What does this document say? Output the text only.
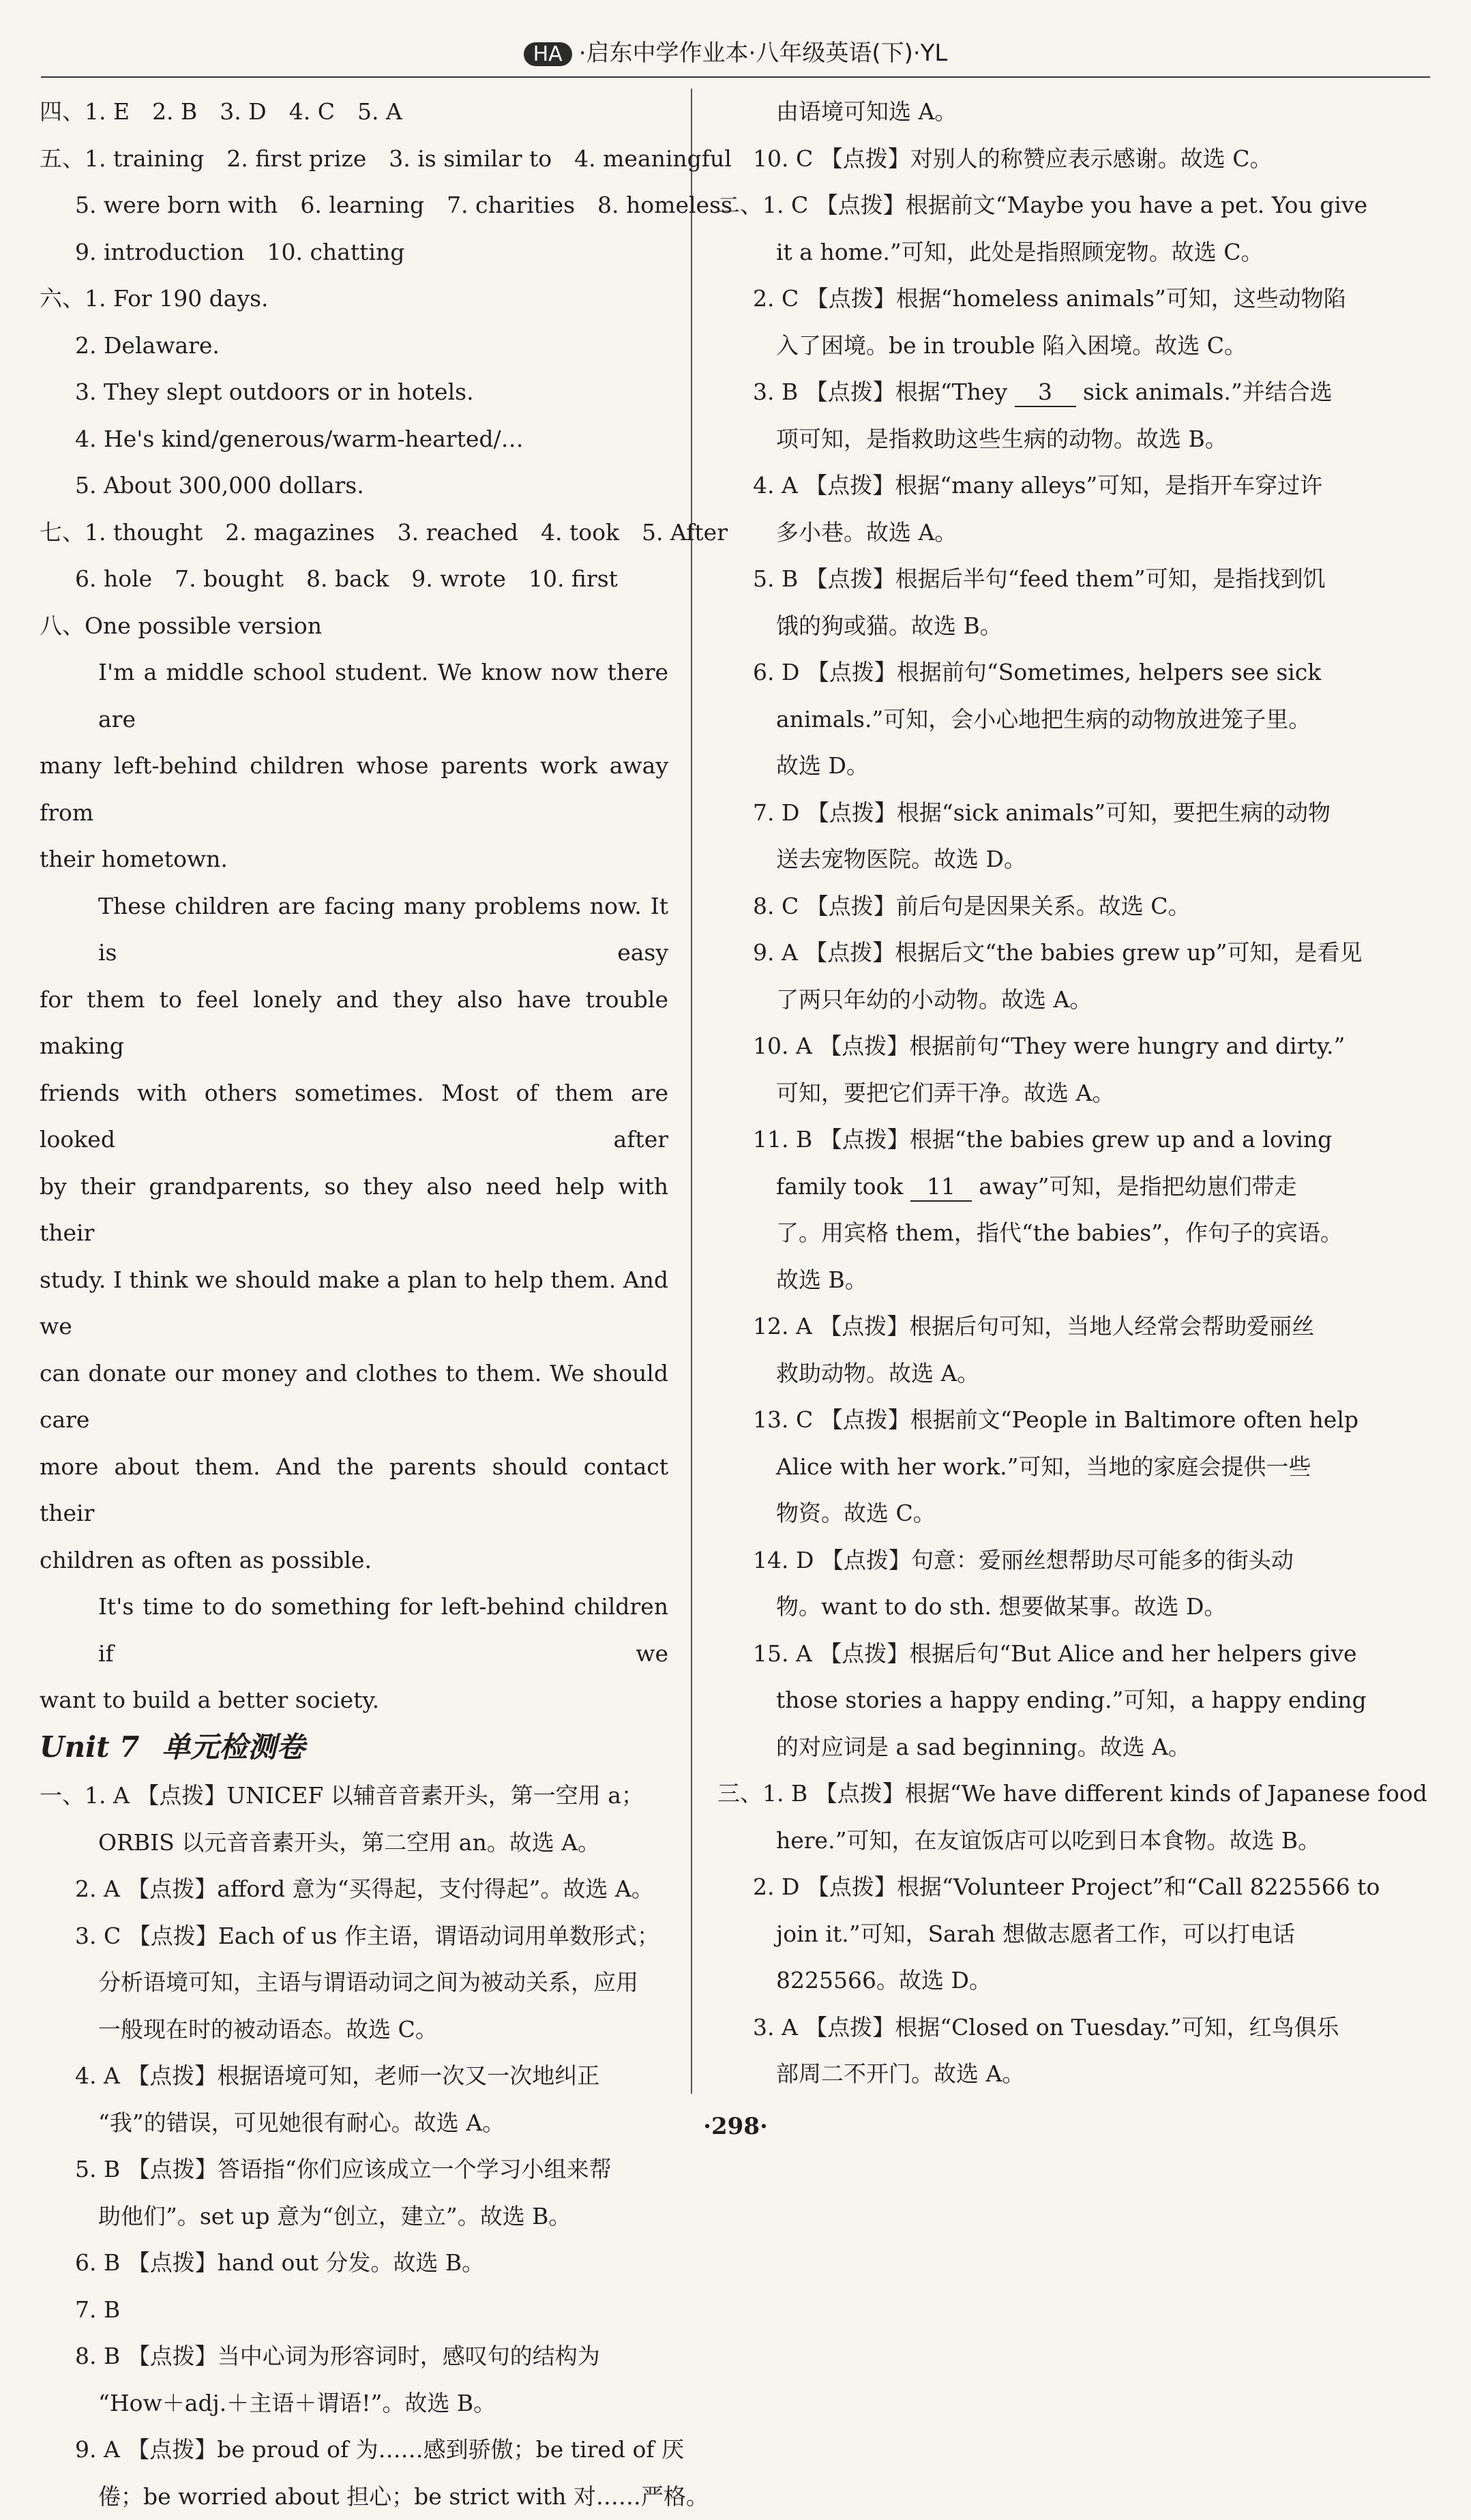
HA ·启东中学作业本·八年级英语(下)·YL
四、1. E　2. B　3. D　4. C　5. A
五、1. training　2. first prize　3. is similar to　4. meaningful
5. were born with　6. learning　7. charities　8. homeless
9. introduction　10. chatting
六、1. For 190 days.
2. Delaware.
3. They slept outdoors or in hotels.
4. He's kind/generous/warm-hearted/…
5. About 300,000 dollars.
七、1. thought　2. magazines　3. reached　4. took　5. After
6. hole　7. bought　8. back　9. wrote　10. first
八、One possible version
I'm a middle school student. We know now there are
many left-behind children whose parents work away from
their hometown.
These children are facing many problems now. It is easy
for them to feel lonely and they also have trouble making
friends with others sometimes. Most of them are looked after
by their grandparents, so they also need help with their
study. I think we should make a plan to help them. And we
can donate our money and clothes to them. We should care
more about them. And the parents should contact their
children as often as possible.
It's time to do something for left-behind children if we
want to build a better society.
Unit 7　 单元检测卷
一、1. A 【点拨】UNICEF 以辅音音素开头，第一空用 a；
ORBIS 以元音音素开头，第二空用 an。故选 A。
2. A 【点拨】afford 意为“买得起，支付得起”。故选 A。
3. C 【点拨】Each of us 作主语，谓语动词用单数形式；
分析语境可知，主语与谓语动词之间为被动关系，应用
一般现在时的被动语态。故选 C。
4. A 【点拨】根据语境可知，老师一次又一次地纠正
“我”的错误，可见她很有耐心。故选 A。
5. B 【点拨】答语指“你们应该成立一个学习小组来帮
助他们”。set up 意为“创立，建立”。故选 B。
6. B 【点拨】hand out 分发。故选 B。
7. B
8. B 【点拨】当中心词为形容词时，感叹句的结构为
“How＋adj.＋主语＋谓语!”。故选 B。
9. A 【点拨】be proud of 为……感到骄傲；be tired of 厌
倦；be worried about 担心；be strict with 对……严格。
由语境可知选 A。
10. C 【点拨】对别人的称赞应表示感谢。故选 C。
二、1. C 【点拨】根据前文“Maybe you have a pet. You give
it a home.”可知，此处是指照顾宠物。故选 C。
2. C 【点拨】根据“homeless animals”可知，这些动物陷
入了困境。be in trouble 陷入困境。故选 C。
3. B 【点拨】根据“They 3 sick animals.”并结合选
项可知，是指救助这些生病的动物。故选 B。
4. A 【点拨】根据“many alleys”可知，是指开车穿过许
多小巷。故选 A。
5. B 【点拨】根据后半句“feed them”可知，是指找到饥
饿的狗或猫。故选 B。
6. D 【点拨】根据前句“Sometimes, helpers see sick
animals.”可知，会小心地把生病的动物放进笼子里。
故选 D。
7. D 【点拨】根据“sick animals”可知，要把生病的动物
送去宠物医院。故选 D。
8. C 【点拨】前后句是因果关系。故选 C。
9. A 【点拨】根据后文“the babies grew up”可知，是看见
了两只年幼的小动物。故选 A。
10. A 【点拨】根据前句“They were hungry and dirty.”
可知，要把它们弄干净。故选 A。
11. B 【点拨】根据“the babies grew up and a loving
family took 11 away”可知，是指把幼崽们带走
了。用宾格 them，指代“the babies”，作句子的宾语。
故选 B。
12. A 【点拨】根据后句可知，当地人经常会帮助爱丽丝
救助动物。故选 A。
13. C 【点拨】根据前文“People in Baltimore often help
Alice with her work.”可知，当地的家庭会提供一些
物资。故选 C。
14. D 【点拨】句意：爱丽丝想帮助尽可能多的街头动
物。want to do sth. 想要做某事。故选 D。
15. A 【点拨】根据后句“But Alice and her helpers give
those stories a happy ending.”可知，a happy ending
的对应词是 a sad beginning。故选 A。
三、1. B 【点拨】根据“We have different kinds of Japanese food
here.”可知，在友谊饭店可以吃到日本食物。故选 B。
2. D 【点拨】根据“Volunteer Project”和“Call 8225566 to
join it.”可知，Sarah 想做志愿者工作，可以打电话
8225566。故选 D。
3. A 【点拨】根据“Closed on Tuesday.”可知，红鸟俱乐
部周二不开门。故选 A。
·298·
